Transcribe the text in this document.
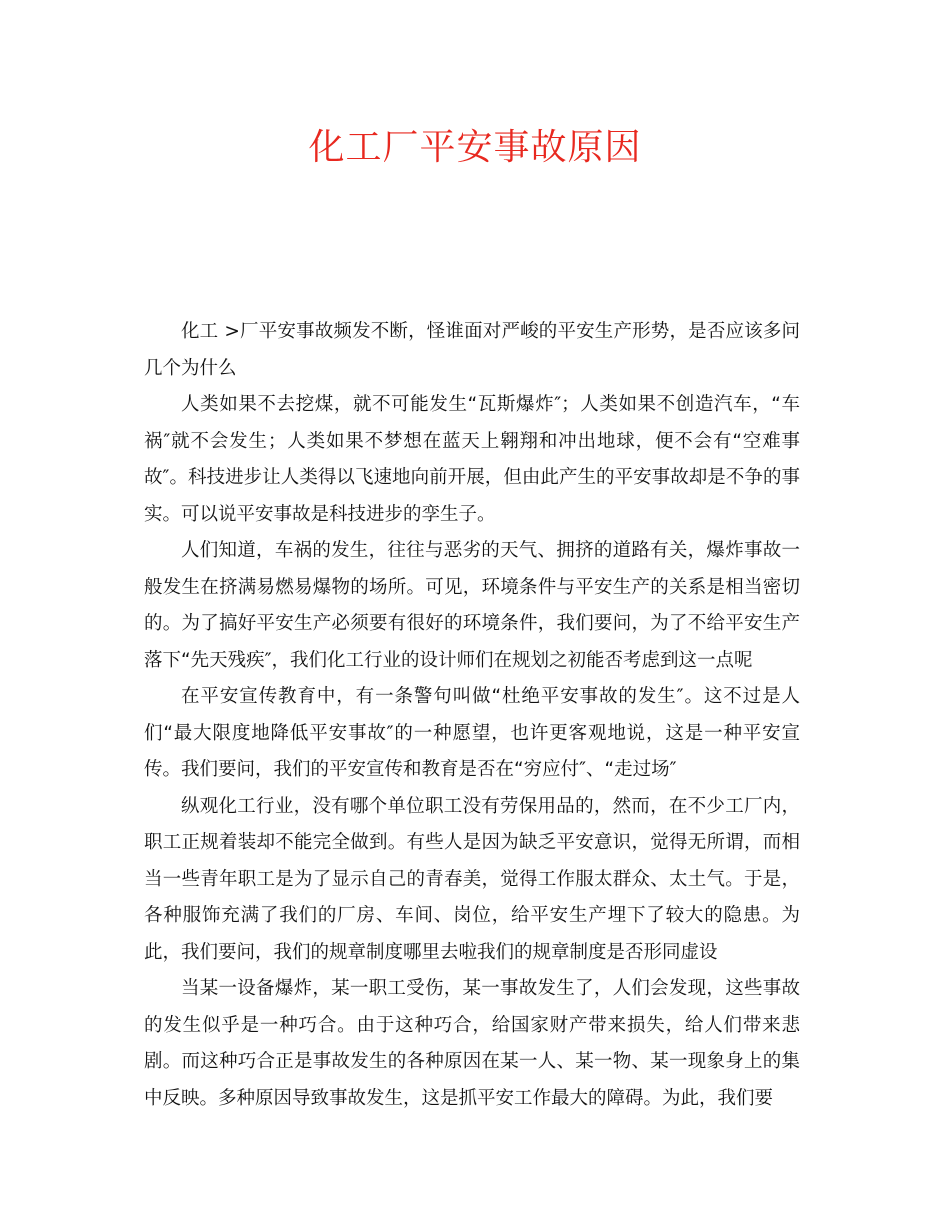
化工厂平安事故原因

化工 >厂平安事故频发不断，怪谁面对严峻的平安生产形势，是否应该多问几个为什么

人类如果不去挖煤，就不可能发生“瓦斯爆炸″；人类如果不创造汽车，“车祸″就不会发生；人类如果不梦想在蓝天上翱翔和冲出地球，便不会有“空难事故″。科技进步让人类得以飞速地向前开展，但由此产生的平安事故却是不争的事实。可以说平安事故是科技进步的孪生子。

人们知道，车祸的发生，往往与恶劣的天气、拥挤的道路有关，爆炸事故一般发生在挤满易燃易爆物的场所。可见，环境条件与平安生产的关系是相当密切的。为了搞好平安生产必须要有很好的环境条件，我们要问，为了不给平安生产落下“先天残疾″，我们化工行业的设计师们在规划之初能否考虑到这一点呢

在平安宣传教育中，有一条警句叫做“杜绝平安事故的发生″。这不过是人们“最大限度地降低平安事故″的一种愿望，也许更客观地说，这是一种平安宣传。我们要问，我们的平安宣传和教育是否在“穷应付″、“走过场″

纵观化工行业，没有哪个单位职工没有劳保用品的，然而，在不少工厂内，职工正规着装却不能完全做到。有些人是因为缺乏平安意识，觉得无所谓，而相当一些青年职工是为了显示自己的青春美，觉得工作服太群众、太土气。于是，各种服饰充满了我们的厂房、车间、岗位，给平安生产埋下了较大的隐患。为此，我们要问，我们的规章制度哪里去啦我们的规章制度是否形同虚设

当某一设备爆炸，某一职工受伤，某一事故发生了，人们会发现，这些事故的发生似乎是一种巧合。由于这种巧合，给国家财产带来损失，给人们带来悲剧。而这种巧合正是事故发生的各种原因在某一人、某一物、某一现象身上的集中反映。多种原因导致事故发生，这是抓平安工作最大的障碍。为此，我们要
